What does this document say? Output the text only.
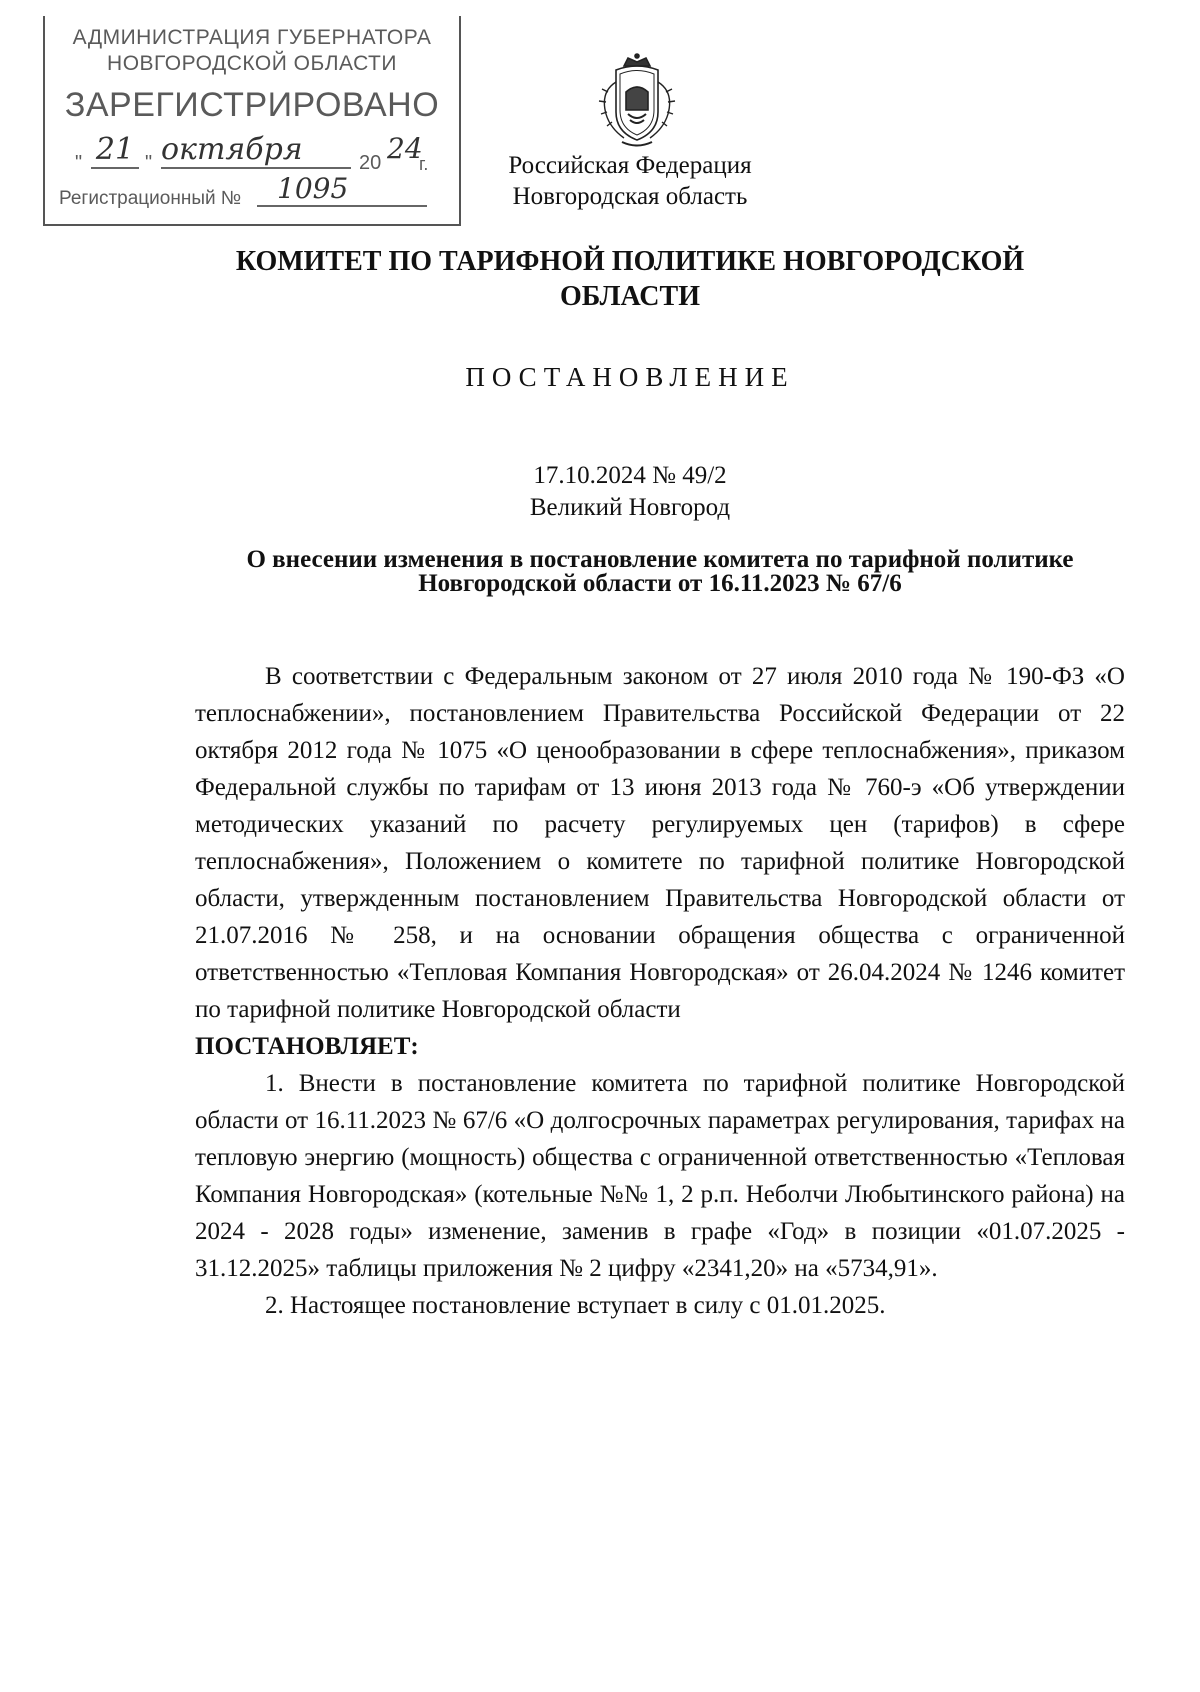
АДМИНИСТРАЦИЯ ГУБЕРНАТОРА
НОВГОРОДСКОЙ ОБЛАСТИ
ЗАРЕГИСТРИРОВАНО
" 21 " октября	20 24
г.
Регистрационный №	1095
Российская Федерация
Новгородская область
КОМИТЕТ ПО ТАРИФНОЙ ПОЛИТИКЕ НОВГОРОДСКОЙ
ОБЛАСТИ
ПОСТАНОВЛЕНИЕ
17.10.2024 № 49/2
Великий Новгород
О внесении изменения в постановление комитета по тарифной политике
Новгородской области от 16.11.2023 № 67/6

В соответствии с Федеральным законом от 27 июля 2010 года № 190-ФЗ «О теплоснабжении», постановлением Правительства Российской Федерации от 22 октября 2012 года № 1075 «О ценообразовании в сфере теплоснабжения», приказом Федеральной службы по тарифам от 13 июня 2013 года № 760-э «Об утверждении методических указаний по расчету регулируемых цен (тарифов) в сфере теплоснабжения», Положением о комитете по тарифной политике Новгородской области, утвержденным постановлением Правительства Новгородской области от 21.07.2016 № 258, и на основании обращения общества с ограниченной ответственностью «Тепловая Компания Новгородская» от 26.04.2024 № 1246 комитет по тарифной политике Новгородской области

ПОСТАНОВЛЯЕТ:

1. Внести в постановление комитета по тарифной политике Новгородской области от 16.11.2023 № 67/6 «О долгосрочных параметрах регулирования, тарифах на тепловую энергию (мощность) общества с ограниченной ответственностью «Тепловая Компания Новгородская» (котельные №№ 1, 2 р.п. Неболчи Любытинского района) на 2024 - 2028 годы» изменение, заменив в графе «Год» в позиции «01.07.2025 - 31.12.2025» таблицы приложения № 2 цифру «2341,20» на «5734,91».

2. Настоящее постановление вступает в силу с 01.01.2025.
